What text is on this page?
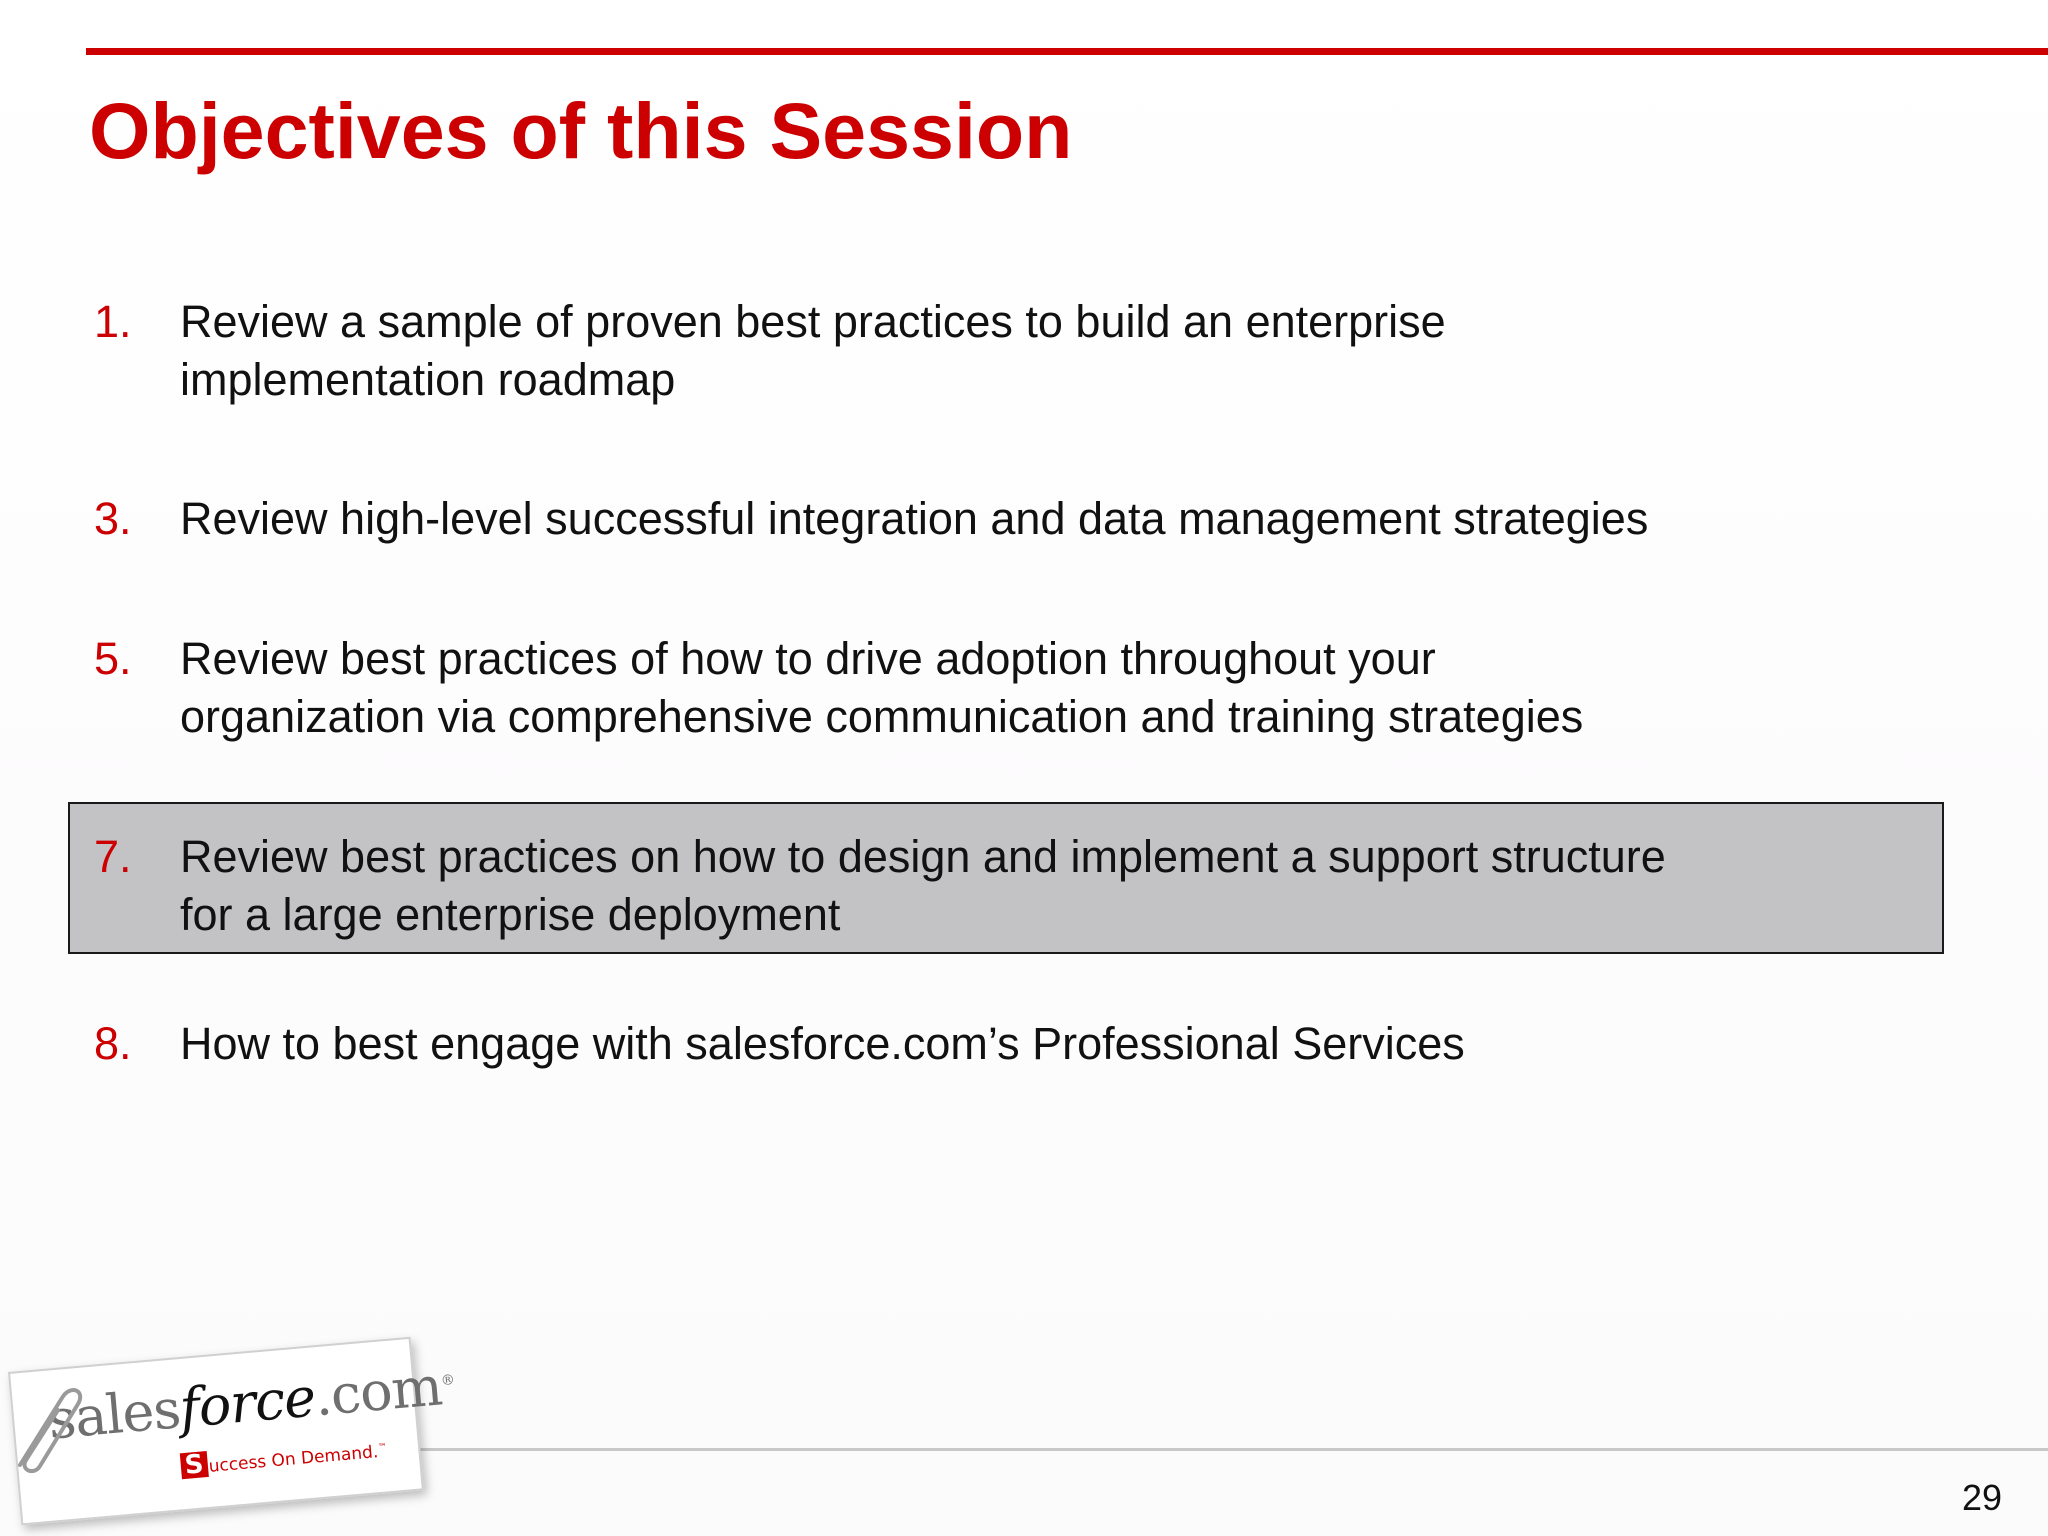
Objectives of this Session
1. Review a sample of proven best practices to build an enterprise
implementation roadmap
3. Review high-level successful integration and data management strategies
5. Review best practices of how to drive adoption throughout your
organization via comprehensive communication and training strategies
7. Review best practices on how to design and implement a support structure
for a large enterprise deployment
8. How to best engage with salesforce.com’s Professional Services
29
salesforce.com®
S uccess On Demand.™
